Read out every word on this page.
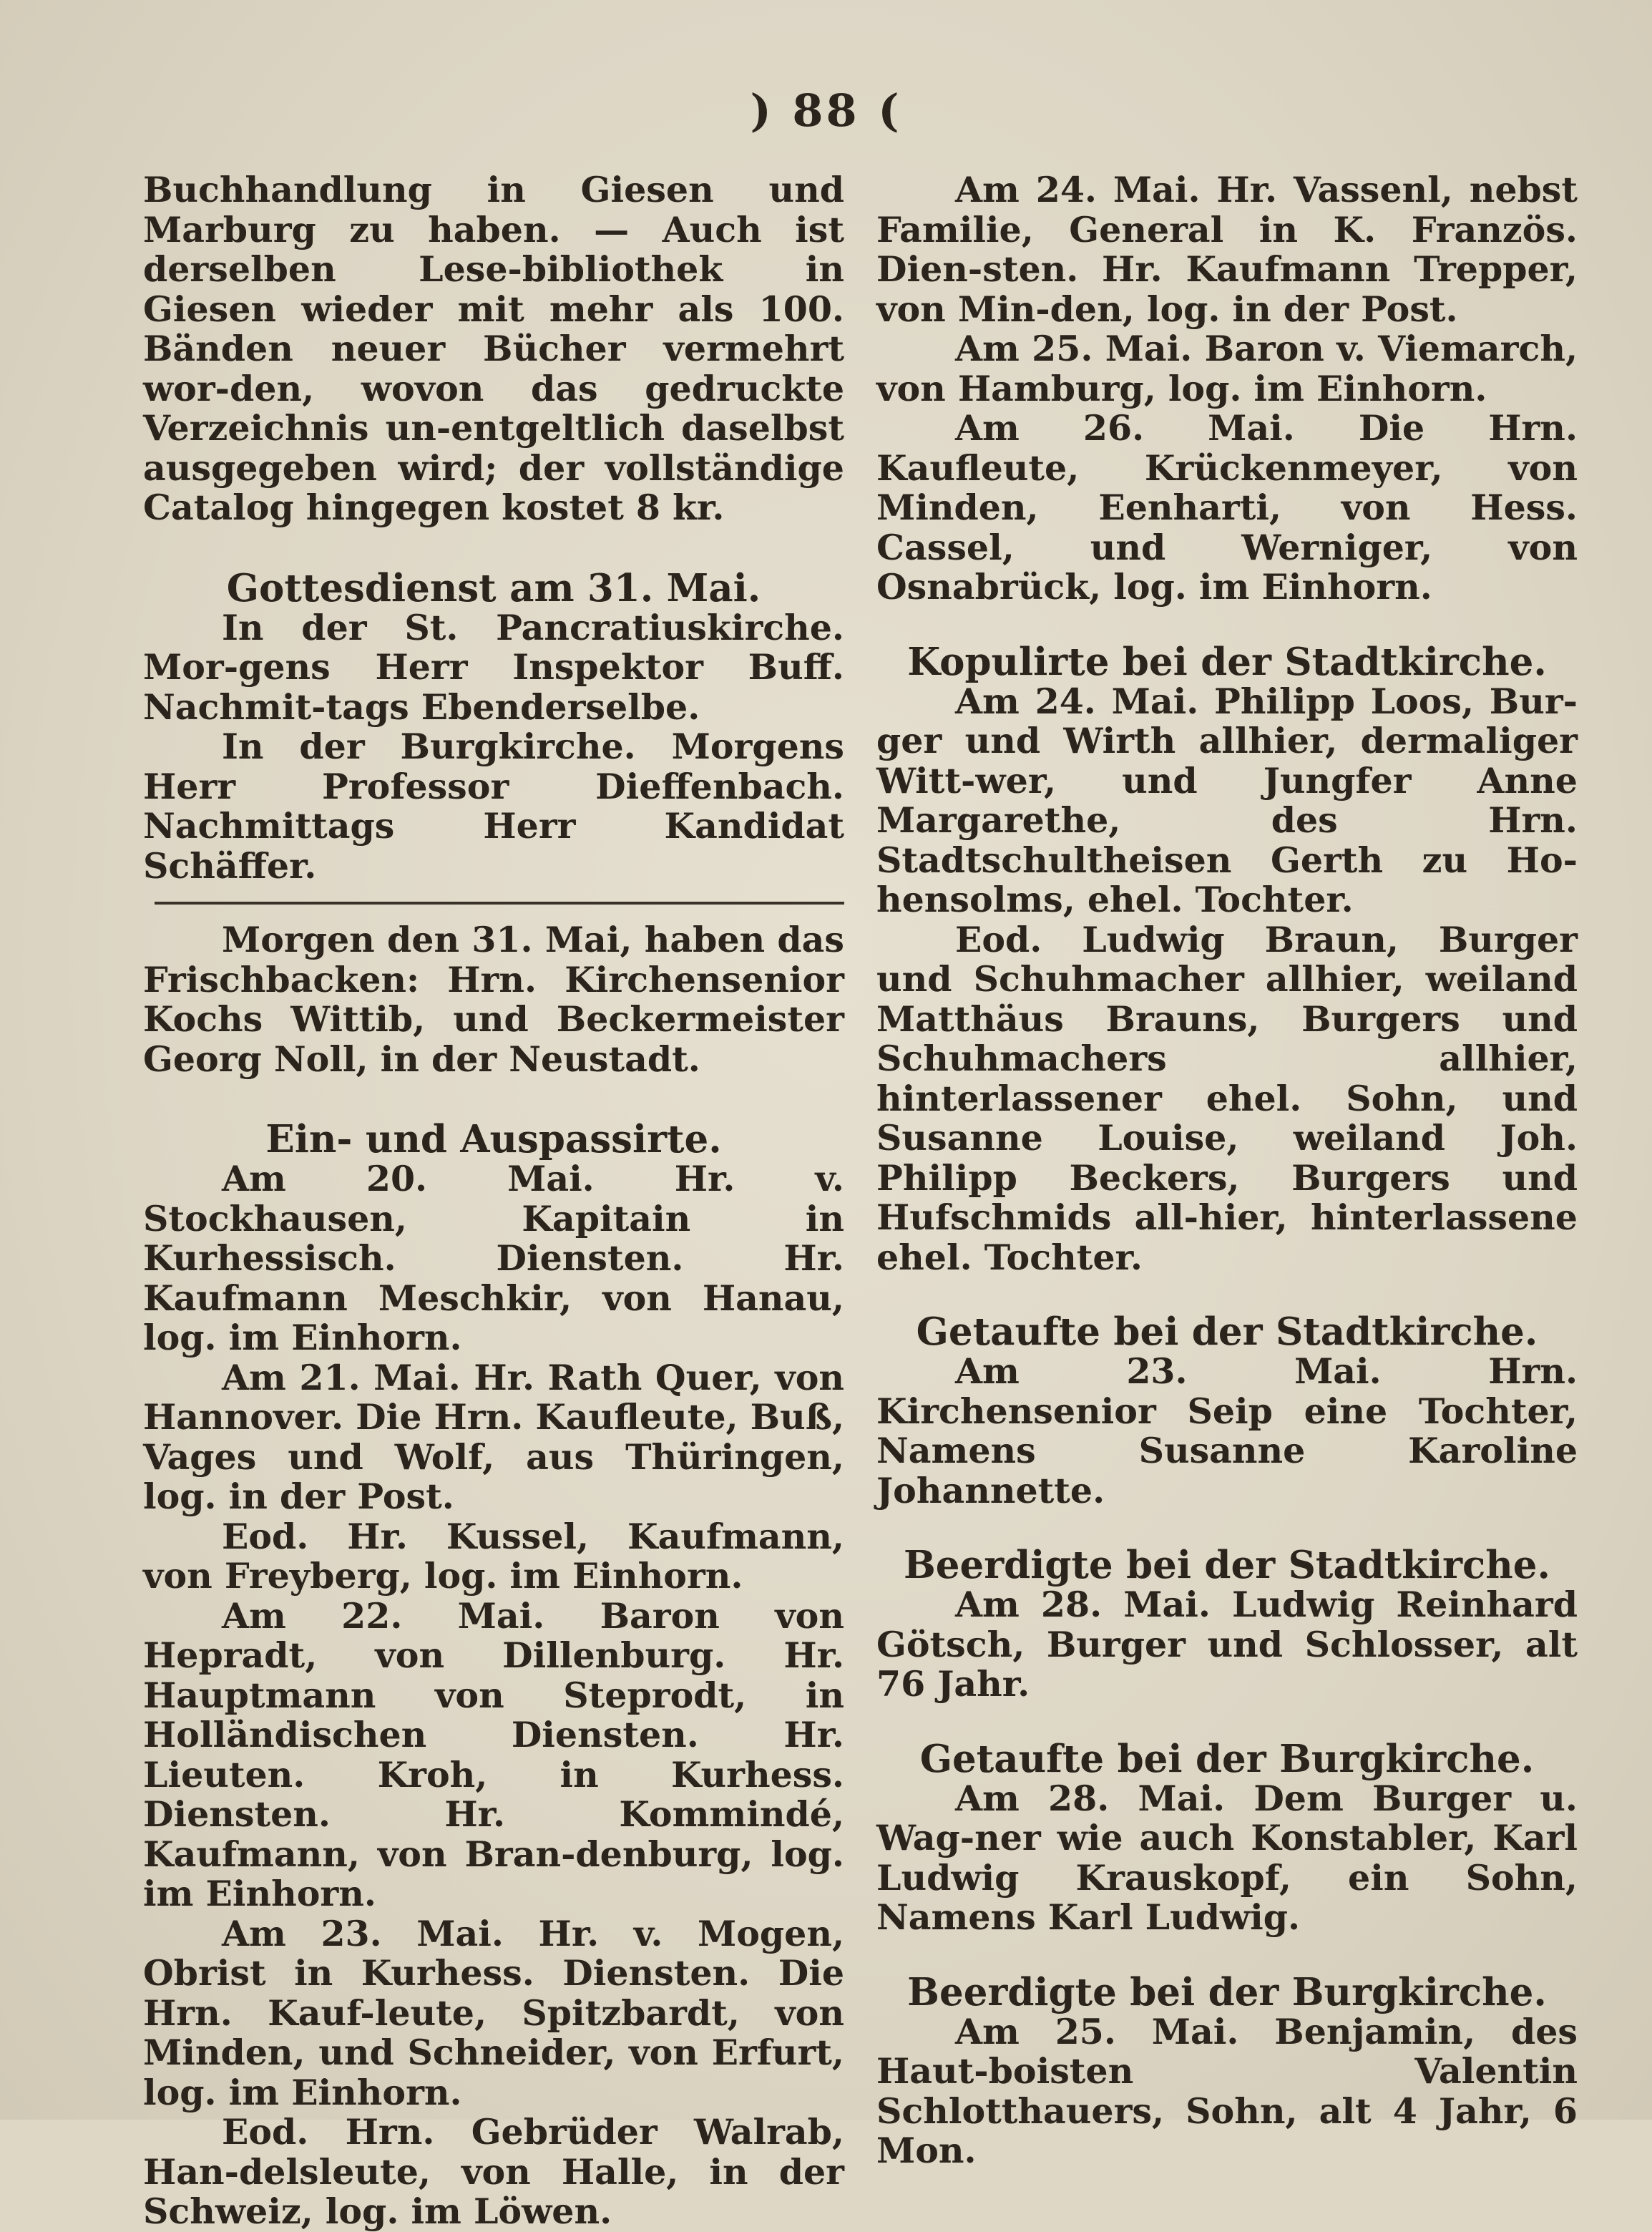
) 88 (

Buchhandlung in Giesen und Marburg zu haben. — Auch ist derselben Lese-bibliothek in Giesen wieder mit mehr als 100. Bänden neuer Bücher vermehrt wor-den, wovon das gedruckte Verzeichnis un-entgeltlich daselbst ausgegeben wird; der vollständige Catalog hingegen kostet 8 kr.

Gottesdienst am 31. Mai.

In der St. Pancratiuskirche. Mor-gens Herr Inspektor Buff. Nachmit-tags Ebenderselbe.

In der Burgkirche. Morgens Herr Professor Dieffenbach. Nachmittags Herr Kandidat Schäffer.

Morgen den 31. Mai, haben das Frischbacken: Hrn. Kirchensenior Kochs Wittib, und Beckermeister Georg Noll, in der Neustadt.

Ein- und Auspassirte.

Am 20. Mai. Hr. v. Stockhausen, Kapitain in Kurhessisch. Diensten. Hr. Kaufmann Meschkir, von Hanau, log. im Einhorn.

Am 21. Mai. Hr. Rath Quer, von Hannover. Die Hrn. Kaufleute, Buß, Vages und Wolf, aus Thüringen, log. in der Post.

Eod. Hr. Kussel, Kaufmann, von Freyberg, log. im Einhorn.

Am 22. Mai. Baron von Hepradt, von Dillenburg. Hr. Hauptmann von Steprodt, in Holländischen Diensten. Hr. Lieuten. Kroh, in Kurhess. Diensten. Hr. Kommindé, Kaufmann, von Bran-denburg, log. im Einhorn.

Am 23. Mai. Hr. v. Mogen, Obrist in Kurhess. Diensten. Die Hrn. Kauf-leute, Spitzbardt, von Minden, und Schneider, von Erfurt, log. im Einhorn.

Eod. Hrn. Gebrüder Walrab, Han-delsleute, von Halle, in der Schweiz, log. im Löwen.

Am 24. Mai. Hr. Vassenl, nebst Familie, General in K. Französ. Dien-sten. Hr. Kaufmann Trepper, von Min-den, log. in der Post.

Am 25. Mai. Baron v. Viemarch, von Hamburg, log. im Einhorn.

Am 26. Mai. Die Hrn. Kaufleute, Krückenmeyer, von Minden, Eenharti, von Hess. Cassel, und Werniger, von Osnabrück, log. im Einhorn.

Kopulirte bei der Stadtkirche.

Am 24. Mai. Philipp Loos, Bur-ger und Wirth allhier, dermaliger Witt-wer, und Jungfer Anne Margarethe, des Hrn. Stadtschultheisen Gerth zu Ho-hensolms, ehel. Tochter.

Eod. Ludwig Braun, Burger und Schuhmacher allhier, weiland Matthäus Brauns, Burgers und Schuhmachers allhier, hinterlassener ehel. Sohn, und Susanne Louise, weiland Joh. Philipp Beckers, Burgers und Hufschmids all-hier, hinterlassene ehel. Tochter.

Getaufte bei der Stadtkirche.

Am 23. Mai. Hrn. Kirchensenior Seip eine Tochter, Namens Susanne Karoline Johannette.

Beerdigte bei der Stadtkirche.

Am 28. Mai. Ludwig Reinhard Götsch, Burger und Schlosser, alt 76 Jahr.

Getaufte bei der Burgkirche.

Am 28. Mai. Dem Burger u. Wag-ner wie auch Konstabler, Karl Ludwig Krauskopf, ein Sohn, Namens Karl Ludwig.

Beerdigte bei der Burgkirche.

Am 25. Mai. Benjamin, des Haut-boisten Valentin Schlotthauers, Sohn, alt 4 Jahr, 6 Mon.
